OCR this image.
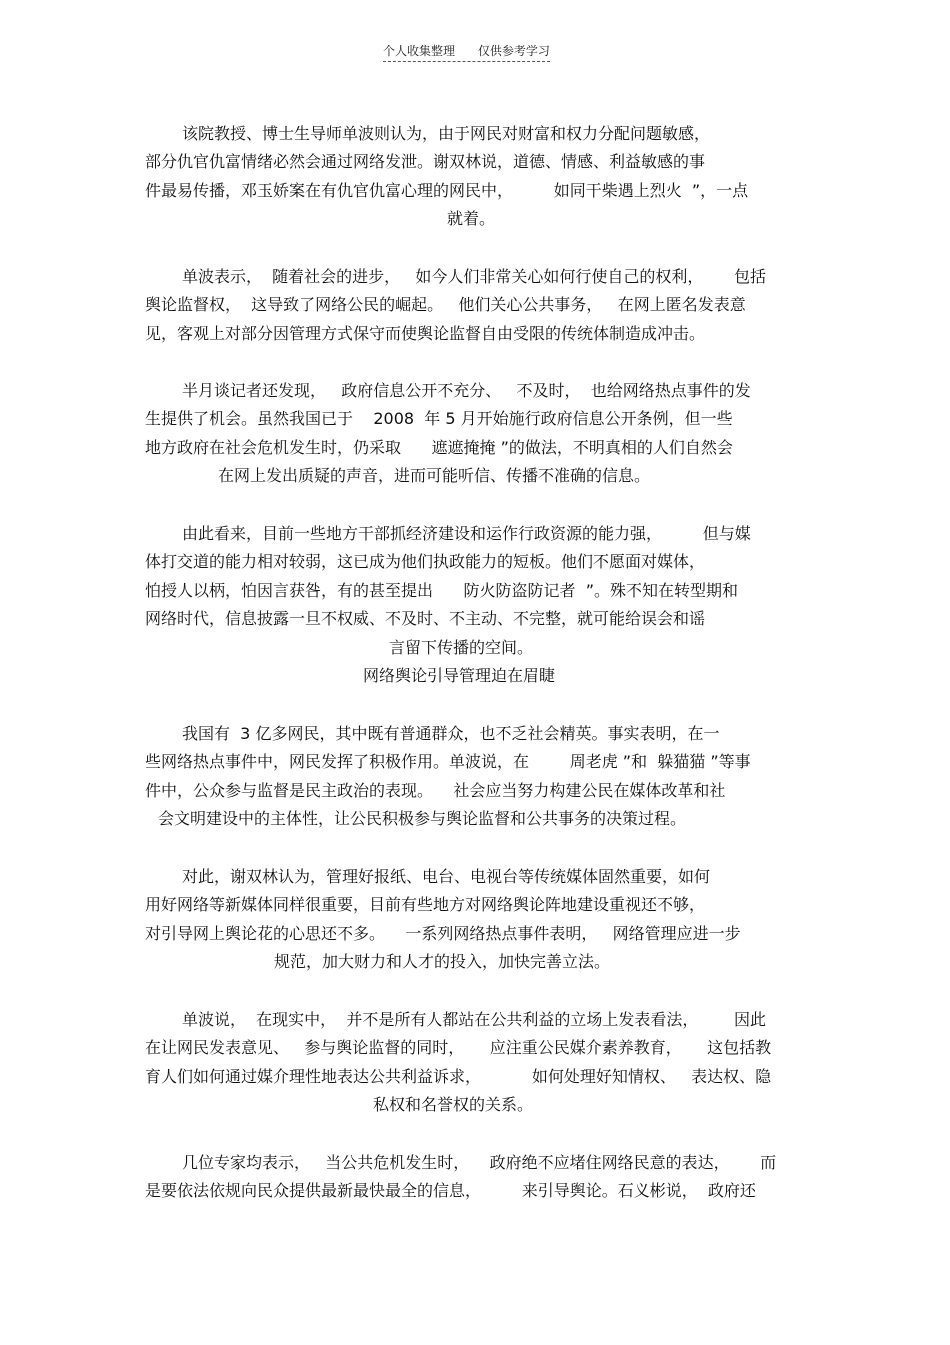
个人收集整理      仅供参考学习
该院教授、博士生导师单波则认为，由于网民对财富和权力分配问题敏感，
部分仇官仇富情绪必然会通过网络发泄。谢双林说，道德、情感、利益敏感的事
件最易传播，邓玉娇案在有仇官仇富心理的网民中，        如同干柴遇上烈火  ”，一点
就着。
单波表示，  随着社会的进步，   如今人们非常关心如何行使自己的权利，      包括
舆论监督权，  这导致了网络公民的崛起。   他们关心公共事务，   在网上匿名发表意
见，客观上对部分因管理方式保守而使舆论监督自由受限的传统体制造成冲击。
半月谈记者还发现，   政府信息公开不充分、   不及时，  也给网络热点事件的发
生提供了机会。虽然我国已于    2008  年 5 月开始施行政府信息公开条例，但一些
地方政府在社会危机发生时，仍采取      遮遮掩掩 ”的做法，不明真相的人们自然会
在网上发出质疑的声音，进而可能听信、传播不准确的信息。
由此看来，目前一些地方干部抓经济建设和运作行政资源的能力强，        但与媒
体打交道的能力相对较弱，这已成为他们执政能力的短板。他们不愿面对媒体，
怕授人以柄，怕因言获咎，有的甚至提出      防火防盗防记者  ”。殊不知在转型期和
网络时代，信息披露一旦不权威、不及时、不主动、不完整，就可能给误会和谣
言留下传播的空间。
网络舆论引导管理迫在眉睫
我国有  3 亿多网民，其中既有普通群众，也不乏社会精英。事实表明，在一
些网络热点事件中，网民发挥了积极作用。单波说，在        周老虎 ”和  躲猫猫 ”等事
件中，公众参与监督是民主政治的表现。    社会应当努力构建公民在媒体改革和社
会文明建设中的主体性，让公民积极参与舆论监督和公共事务的决策过程。
对此，谢双林认为，管理好报纸、电台、电视台等传统媒体固然重要，如何
用好网络等新媒体同样很重要，目前有些地方对网络舆论阵地建设重视还不够，
对引导网上舆论花的心思还不多。    一系列网络热点事件表明，   网络管理应进一步
规范，加大财力和人才的投入，加快完善立法。
单波说，  在现实中，  并不是所有人都站在公共利益的立场上发表看法，       因此
在让网民发表意见、   参与舆论监督的同时，     应注重公民媒介素养教育，     这包括教
育人们如何通过媒介理性地表达公共利益诉求，          如何处理好知情权、   表达权、隐
私权和名誉权的关系。
几位专家均表示，   当公共危机发生时，    政府绝不应堵住网络民意的表达，      而
是要依法依规向民众提供最新最快最全的信息，        来引导舆论。石义彬说，  政府还
